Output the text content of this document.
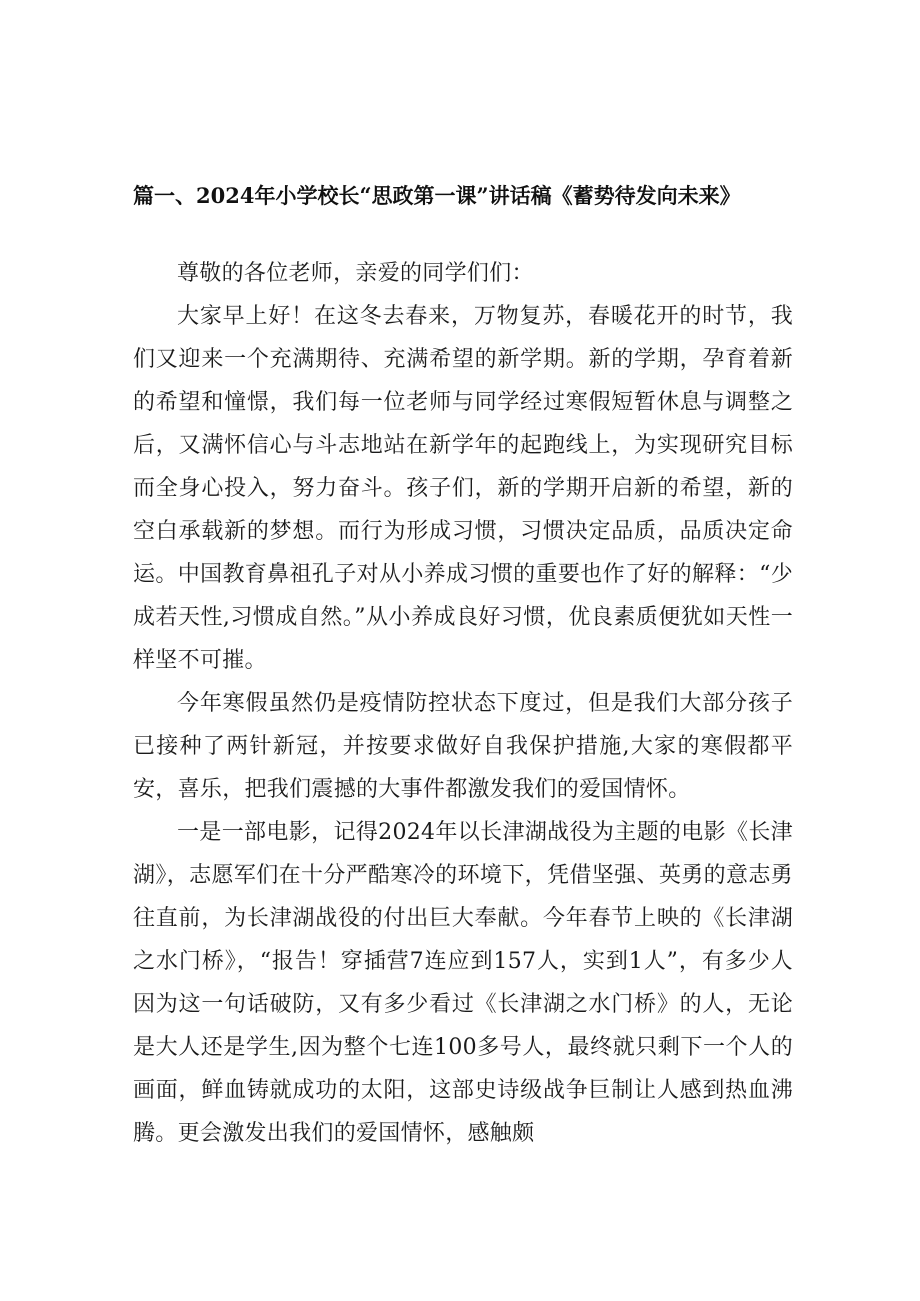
篇一、2024年小学校长“思政第一课”讲话稿《蓄势待发向未来》

尊敬的各位老师，亲爱的同学们们：

大家早上好！在这冬去春来，万物复苏，春暖花开的时节，我们又迎来一个充满期待、充满希望的新学期。新的学期，孕育着新的希望和憧憬，我们每一位老师与同学经过寒假短暂休息与调整之后，又满怀信心与斗志地站在新学年的起跑线上，为实现研究目标而全身心投入，努力奋斗。孩子们，新的学期开启新的希望，新的空白承载新的梦想。而行为形成习惯，习惯决定品质，品质决定命运。中国教育鼻祖孔子对从小养成习惯的重要也作了好的解释：“少成若天性,习惯成自然。”从小养成良好习惯，优良素质便犹如天性一样坚不可摧。

今年寒假虽然仍是疫情防控状态下度过，但是我们大部分孩子已接种了两针新冠，并按要求做好自我保护措施,大家的寒假都平安，喜乐，把我们震撼的大事件都激发我们的爱国情怀。

一是一部电影，记得2024年以长津湖战役为主题的电影《长津湖》，志愿军们在十分严酷寒冷的环境下，凭借坚强、英勇的意志勇往直前，为长津湖战役的付出巨大奉献。今年春节上映的《长津湖之水门桥》，“报告！穿插营7连应到157人，实到1人”，有多少人因为这一句话破防，又有多少看过《长津湖之水门桥》的人，无论是大人还是学生,因为整个七连100多号人，最终就只剩下一个人的画面，鲜血铸就成功的太阳，这部史诗级战争巨制让人感到热血沸腾。更会激发出我们的爱国情怀，感触颇
